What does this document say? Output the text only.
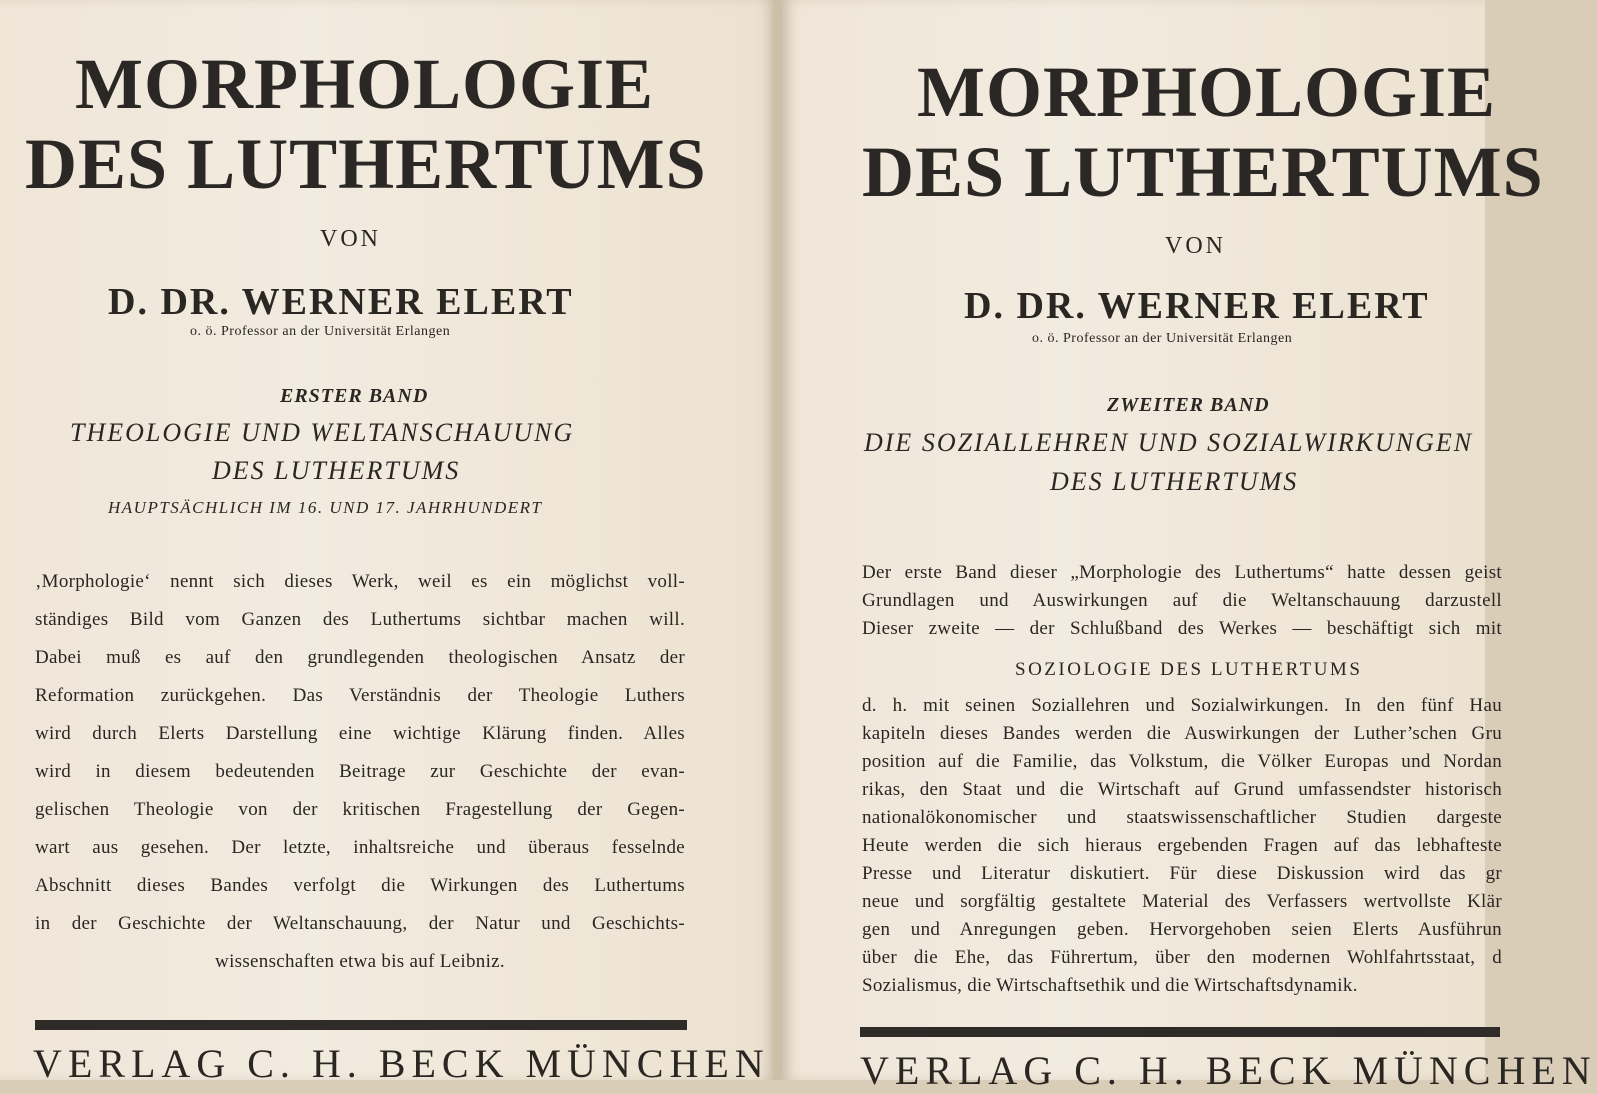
MORPHOLOGIE
DES LUTHERTUMS
VON
D. DR. WERNER ELERT
o. ö. Professor an der Universität Erlangen
ERSTER BAND
THEOLOGIE UND WELTANSCHAUUNG
DES LUTHERTUMS
HAUPTSÄCHLICH IM 16. UND 17. JAHRHUNDERT
‚Morphologie‘ nennt sich dieses Werk, weil es ein möglichst voll-
ständiges Bild vom Ganzen des Luthertums sichtbar machen will.
Dabei muß es auf den grundlegenden theologischen Ansatz der
Reformation zurückgehen. Das Verständnis der Theologie Luthers
wird durch Elerts Darstellung eine wichtige Klärung finden. Alles
wird in diesem bedeutenden Beitrage zur Geschichte der evan-
gelischen Theologie von der kritischen Fragestellung der Gegen-
wart aus gesehen. Der letzte, inhaltsreiche und überaus fesselnde
Abschnitt dieses Bandes verfolgt die Wirkungen des Luthertums
in der Geschichte der Weltanschauung, der Natur und Geschichts-
wissenschaften etwa bis auf Leibniz.
VERLAG C. H. BECK MÜNCHEN
MORPHOLOGIE
DES LUTHERTUMS
VON
D. DR. WERNER ELERT
o. ö. Professor an der Universität Erlangen
ZWEITER BAND
DIE SOZIALLEHREN UND SOZIALWIRKUNGEN
DES LUTHERTUMS
Der erste Band dieser „Morphologie des Luthertums“ hatte dessen geist
Grundlagen und Auswirkungen auf die Weltanschauung darzustell
Dieser zweite — der Schlußband des Werkes — beschäftigt sich mit
SOZIOLOGIE DES LUTHERTUMS
d. h. mit seinen Soziallehren und Sozialwirkungen. In den fünf Hau
kapiteln dieses Bandes werden die Auswirkungen der Luther’schen Gru
position auf die Familie, das Volkstum, die Völker Europas und Nordan
rikas, den Staat und die Wirtschaft auf Grund umfassendster historisch
nationalökonomischer und staatswissenschaftlicher Studien dargeste
Heute werden die sich hieraus ergebenden Fragen auf das lebhafteste
Presse und Literatur diskutiert. Für diese Diskussion wird das gr
neue und sorgfältig gestaltete Material des Verfassers wertvollste Klär
gen und Anregungen geben. Hervorgehoben seien Elerts Ausführun
über die Ehe, das Führertum, über den modernen Wohlfahrtsstaat, d
Sozialismus, die Wirtschaftsethik und die Wirtschaftsdynamik.
VERLAG C. H. BECK MÜNCHEN
